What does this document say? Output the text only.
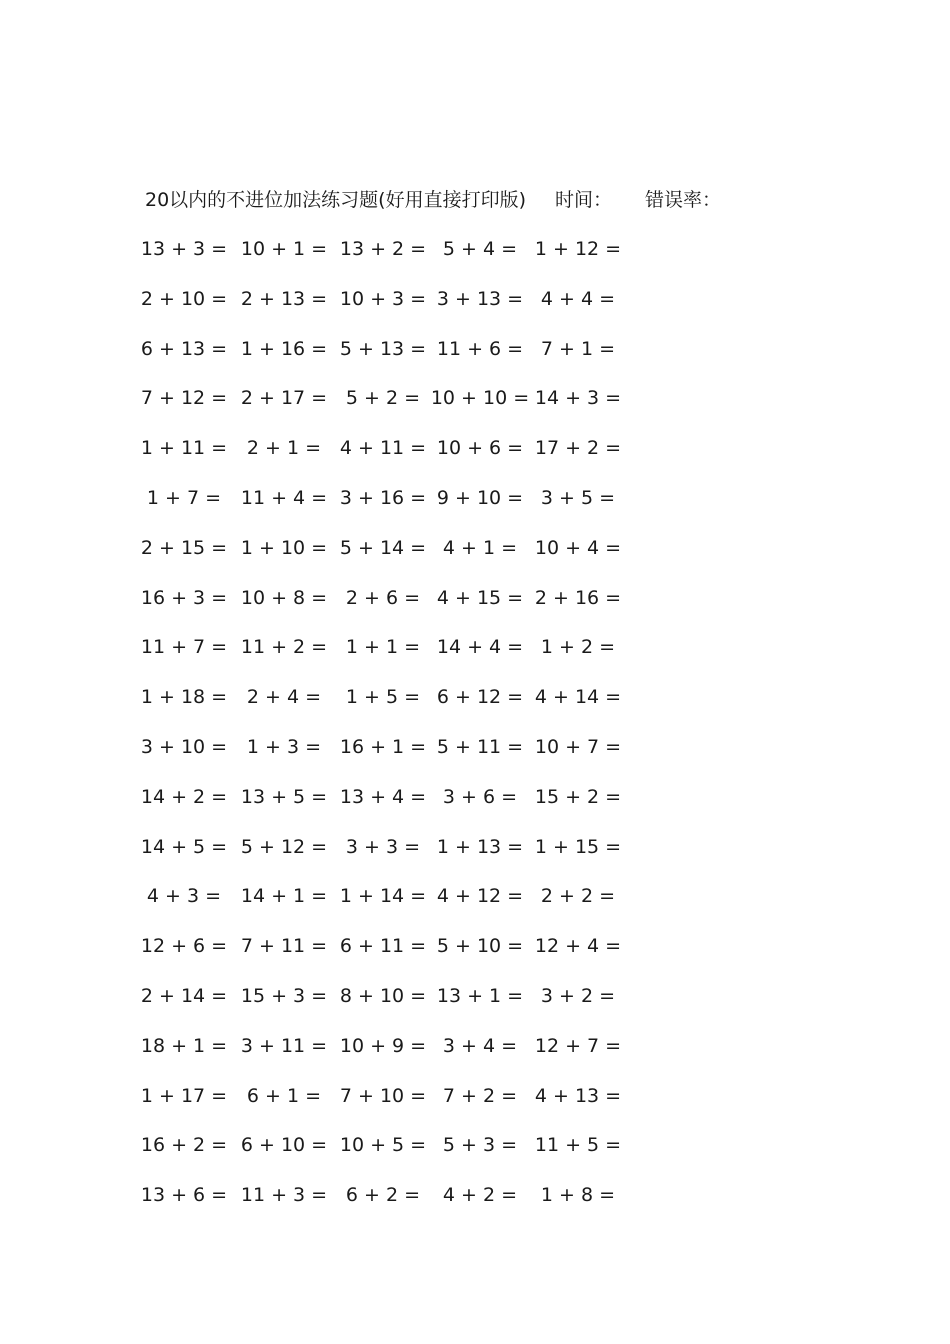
20以内的不进位加法练习题(好用直接打印版) 时间： 错误率：
13 + 3 = 10 + 1 = 13 + 2 = 5 + 4 = 1 + 12 =
2 + 10 = 2 + 13 = 10 + 3 = 3 + 13 = 4 + 4 =
6 + 13 = 1 + 16 = 5 + 13 = 11 + 6 = 7 + 1 =
7 + 12 = 2 + 17 = 5 + 2 = 10 + 10 = 14 + 3 =
1 + 11 =	2 + 1 = 4 + 11 = 10 + 6 = 17 + 2 =
1 + 7 =	11 + 4 = 3 + 16 = 9 + 10 = 3 + 5 =
2 + 15 = 1 + 10 = 5 + 14 = 4 + 1 = 10 + 4 =
16 + 3 = 10 + 8 = 2 + 6 = 4 + 15 = 2 + 16 =
11 + 7 = 11 + 2 = 1 + 1 = 14 + 4 = 1 + 2 =
1 + 18 =	2 + 4 =	1 + 5 = 6 + 12 = 4 + 14 =
3 + 10 =	1 + 3 = 16 + 1 = 5 + 11 = 10 + 7 =
14 + 2 = 13 + 5 = 13 + 4 = 3 + 6 = 15 + 2 =
14 + 5 = 5 + 12 = 3 + 3 = 1 + 13 = 1 + 15 =
4 + 3 =	14 + 1 = 1 + 14 = 4 + 12 = 2 + 2 =
12 + 6 = 7 + 11 = 6 + 11 = 5 + 10 = 12 + 4 =
2 + 14 = 15 + 3 = 8 + 10 = 13 + 1 = 3 + 2 =
18 + 1 = 3 + 11 = 10 + 9 = 3 + 4 = 12 + 7 =
1 + 17 =	6 + 1 = 7 + 10 = 7 + 2 = 4 + 13 =
16 + 2 = 6 + 10 = 10 + 5 = 5 + 3 = 11 + 5 =
13 + 6 = 11 + 3 = 6 + 2 =	4 + 2 =	1 + 8 =
